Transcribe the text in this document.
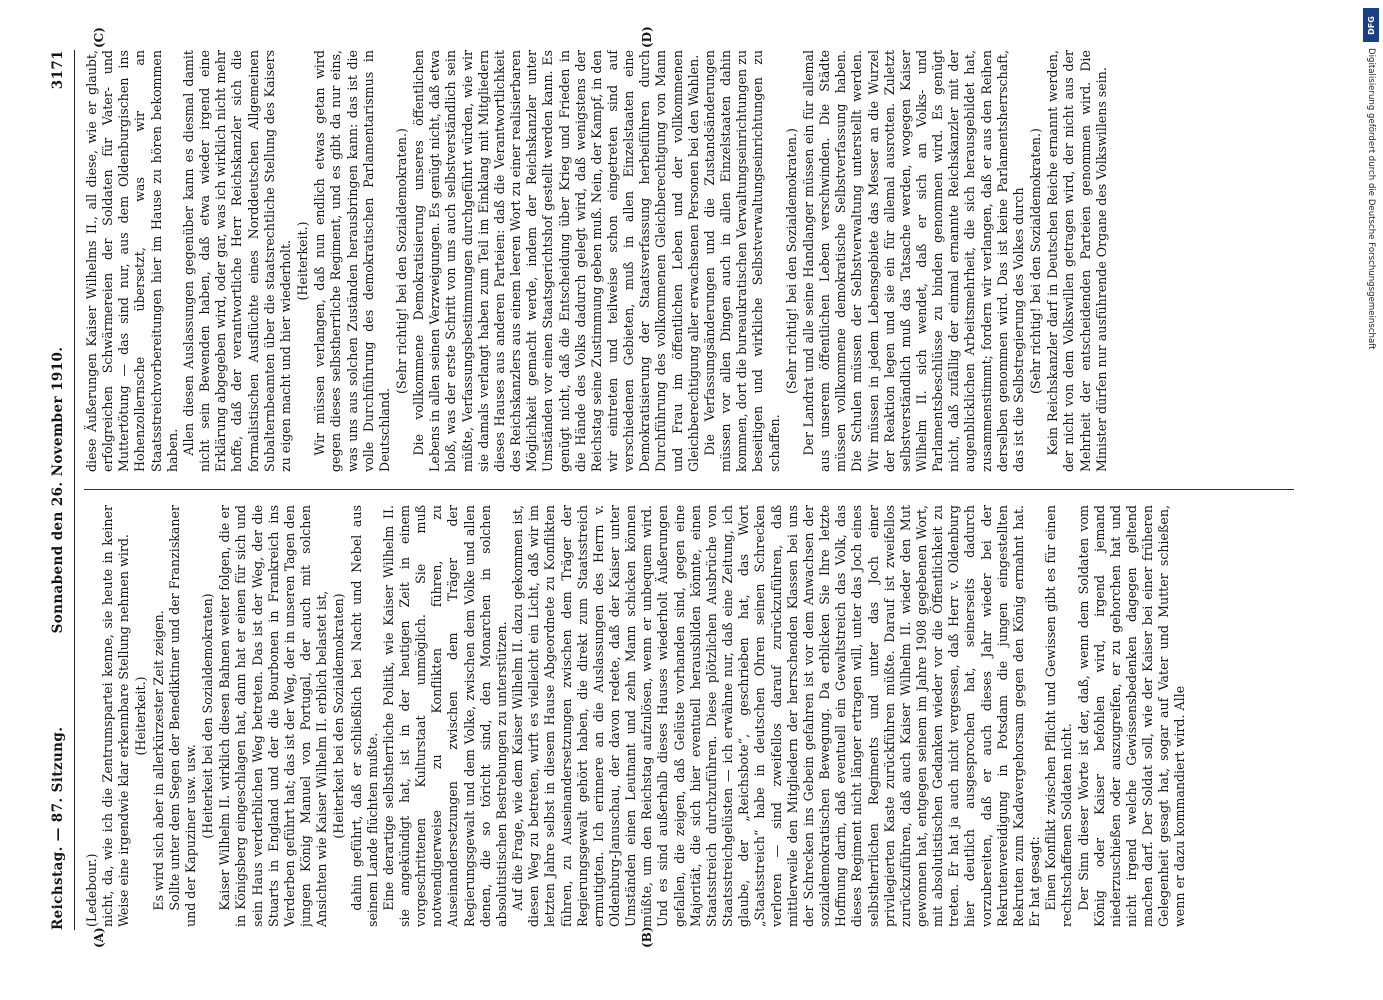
Reichstag. — 87. Sitzung.
Sonnabend den 26. November 1910.
3171
(A)	(B)
(C)	(D)

(Ledebour.) nicht, da, wie ich die Zentrumspartei kenne, sie heute in keiner Weise eine irgendwie klar erkennbare Stellung nehmen wird. (Heiterkeit.) Es wird sich aber in allerkürzester Zeit zeigen. Sollte unter dem Segen der Benediktiner und der Franziskaner und der Kapuziner usw. usw. (Heiterkeit bei den Sozialdemokraten) Kaiser Wilhelm II. wirklich diesen Bahnen weiter folgen, die er in Königsberg eingeschlagen hat, dann hat er einen für sich und sein Haus verderblichen Weg betreten. Das ist der Weg, der die Stuarts in England und der die Bourbonen in Frankreich ins Verderben geführt hat; das ist der Weg, der in unseren Tagen den jungen König Manuel von Portugal, der auch mit solchen Ansichten wie Kaiser Wilhelm II. erblich belastet ist, (Heiterkeit bei den Sozialdemokraten) dahin geführt, daß er schließlich bei Nacht und Nebel aus seinem Lande flüchten mußte. Eine derartige selbstherrliche Politik, wie Kaiser Wilhelm II. sie angekündigt hat, ist in der heutigen Zeit in einem vorgeschrittenen Kulturstaat unmöglich. Sie muß notwendigerweise zu Konflikten führen, zu Auseinandersetzungen zwischen dem Träger der Regierungsgewalt und dem Volke, zwischen dem Volke und allen denen, die so töricht sind, den Monarchen in solchen absolutistischen Bestrebungen zu unterstützen. Auf die Frage, wie dem Kaiser Wilhelm II. dazu gekommen ist, diesen Weg zu betreten, wirft es vielleicht ein Licht, daß wir im letzten Jahre selbst in diesem Hause Abgeordnete zu Konflikten führen, zu Auseinandersetzungen zwischen dem Träger der Regierungsgewalt gehört haben, die direkt zum Staatsstreich ermutigten. Ich erinnere an die Auslassungen des Herrn v. Oldenburg-Januschau, der davon redete, daß der Kaiser unter Umständen einen Leutnant und zehn Mann schicken können müßte, um den Reichstag aufzulösen, wenn er unbequem wird. Und es sind außerhalb dieses Hauses wiederholt Äußerungen gefallen, die zeigen, daß Gelüste vorhanden sind, gegen eine Majorität, die sich hier eventuell herausbilden könnte, einen Staatsstreich durchzuführen. Diese plötzlichen Ausbrüche von Staatsstreichgelüsten — ich erwähne nur, daß eine Zeitung, ich glaube, der „Reichsbote“, geschrieben hat, das Wort „Staatsstreich“ habe in deutschen Ohren seinen Schrecken verloren — sind zweifellos darauf zurückzuführen, daß mittlerweile den Mitgliedern der herrschenden Klassen bei uns der Schrecken ins Gebein gefahren ist vor dem Anwachsen der sozialdemokratischen Bewegung. Da erblicken Sie Ihre letzte Hoffnung darin, daß eventuell ein Gewaltstreich das Volk, das dieses Regiment nicht länger ertragen will, unter das Joch eines selbstherrlichen Regiments und unter das Joch einer privilegierten Kaste zurückführen müßte. Darauf ist zweifellos zurückzuführen, daß auch Kaiser Wilhelm II. wieder den Mut gewonnen hat, entgegen seinem im Jahre 1908 gegebenen Wort, mit absolutistischen Gedanken wieder vor die Öffentlichkeit zu treten. Er hat ja auch nicht vergessen, daß Herr v. Oldenburg hier deutlich ausgesprochen hat, seinerseits dadurch vorzubereiten, daß er auch dieses Jahr wieder bei der Rekrutenvereidigung in Potsdam die jungen eingestellten Rekruten zum Kadavergehorsam gegen den König ermahnt hat. Er hat gesagt: Einen Konflikt zwischen Pflicht und Gewissen gibt es für einen rechtschaffenen Soldaten nicht. Der Sinn dieser Worte ist der, daß, wenn dem Soldaten vom König oder Kaiser befohlen wird, irgend jemand niederzuschießen oder auszugreifen, er zu gehorchen hat und nicht irgend welche Gewissensbedenken dagegen geltend machen darf. Der Soldat soll, wie der Kaiser bei einer früheren Gelegenheit gesagt hat, sogar auf Vater und Mutter schießen, wenn er dazu kommandiert wird. Alle

diese Äußerungen Kaiser Wilhelms II., all diese, wie er glaubt, erfolgreichen Schwärmereien der Soldaten für Vater- und Muttertötung — das sind nur, aus dem Oldenburgischen ins Hohenzollernsche übersetzt, was wir an Staatsstreichvorbereitungen hier im Hause zu hören bekommen haben. Allen diesen Auslassungen gegenüber kann es diesmal damit nicht sein Bewenden haben, daß etwa wieder irgend eine Erklärung abgegeben wird, oder gar, was ich wirklich nicht mehr hoffe, daß der verantwortliche Herr Reichskanzler sich die formalistischen Ausflüchte eines Norddeutschen Allgemeinen Subalternbeamten über die staatsrechtliche Stellung des Kaisers zu eigen macht und hier wiederholt. (Heiterkeit.) Wir müssen verlangen, daß nun endlich etwas getan wird gegen dieses selbstherrliche Regiment, und es gibt da nur eins, was uns aus solchen Zuständen herausbringen kann: das ist die volle Durchführung des demokratischen Parlamentarismus in Deutschland.

(Sehr richtig! bei den Sozialdemokraten.) Die vollkommene Demokratisierung unseres öffentlichen Lebens in allen seinen Verzweigungen. Es genügt nicht, daß etwa bloß, was der erste Schritt von uns auch selbstverständlich sein müßte, Verfassungsbestimmungen durchgeführt würden, wie wir sie damals verlangt haben zum Teil im Einklang mit Mitgliedern dieses Hauses aus anderen Parteien: daß die Verantwortlichkeit des Reichskanzlers aus einem leeren Wort zu einer realisierbaren Möglichkeit gemacht werde, indem der Reichskanzler unter Umständen vor einen Staatsgerichtshof gestellt werden kann. Es genügt nicht, daß die Entscheidung über Krieg und Frieden in die Hände des Volks dadurch gelegt wird, daß wenigstens der Reichstag seine Zustimmung geben muß. Nein, der Kampf, in den wir eintreten und teilweise schon eingetreten sind auf verschiedenen Gebieten, muß in allen Einzelstaaten eine Demokratisierung der Staatsverfassung herbeiführen durch Durchführung des vollkommenen Gleichberechtigung von Mann und Frau im öffentlichen Leben und der vollkommenen Gleichberechtigung aller erwachsenen Personen bei den Wahlen. Die Verfassungsänderungen und die Zustandsänderungen müssen vor allen Dingen auch in allen Einzelstaaten dahin kommen, dort die bureaukratischen Verwaltungseinrichtungen zu beseitigen und wirkliche Selbstverwaltungseinrichtungen zu schaffen.

(Sehr richtig! bei den Sozialdemokraten.) Der Landrat und alle seine Handlanger müssen ein für allemal aus unserem öffentlichen Leben verschwinden. Die Städte müssen vollkommene demokratische Selbstverfassung haben. Die Schulen müssen der Selbstverwaltung unterstellt werden. Wir müssen in jedem Lebensgebiete das Messer an die Wurzel der Reaktion legen und sie ein für allemal ausrotten. Zuletzt selbstverständlich muß das Tatsache werden, wogegen Kaiser Wilhelm II. sich wendet, daß er sich an Volks- und Parlamentsbeschlüsse zu binden genommen wird. Es genügt nicht, daß zufällig der einmal ernannte Reichskanzler mit der augenblicklichen Arbeitsmehrheit, die sich herausgebildet hat, zusammenstimmt; fordern wir verlangen, daß er aus den Reihen derselben genommen wird. Das ist keine Parlamentsherrschaft, das ist die Selbstregierung des Volkes durch (Sehr richtig! bei den Sozialdemokraten.) Kein Reichskanzler darf in Deutschen Reiche ernannt werden, der nicht von dem Volkswillen getragen wird, der nicht aus der Mehrheit der entscheidenden Parteien genommen wird. Die Minister dürfen nur ausführende Organe des Volkswillens sein.

DFG
Digitalisierung gefördert durch die Deutsche Forschungsgemeinschaft
